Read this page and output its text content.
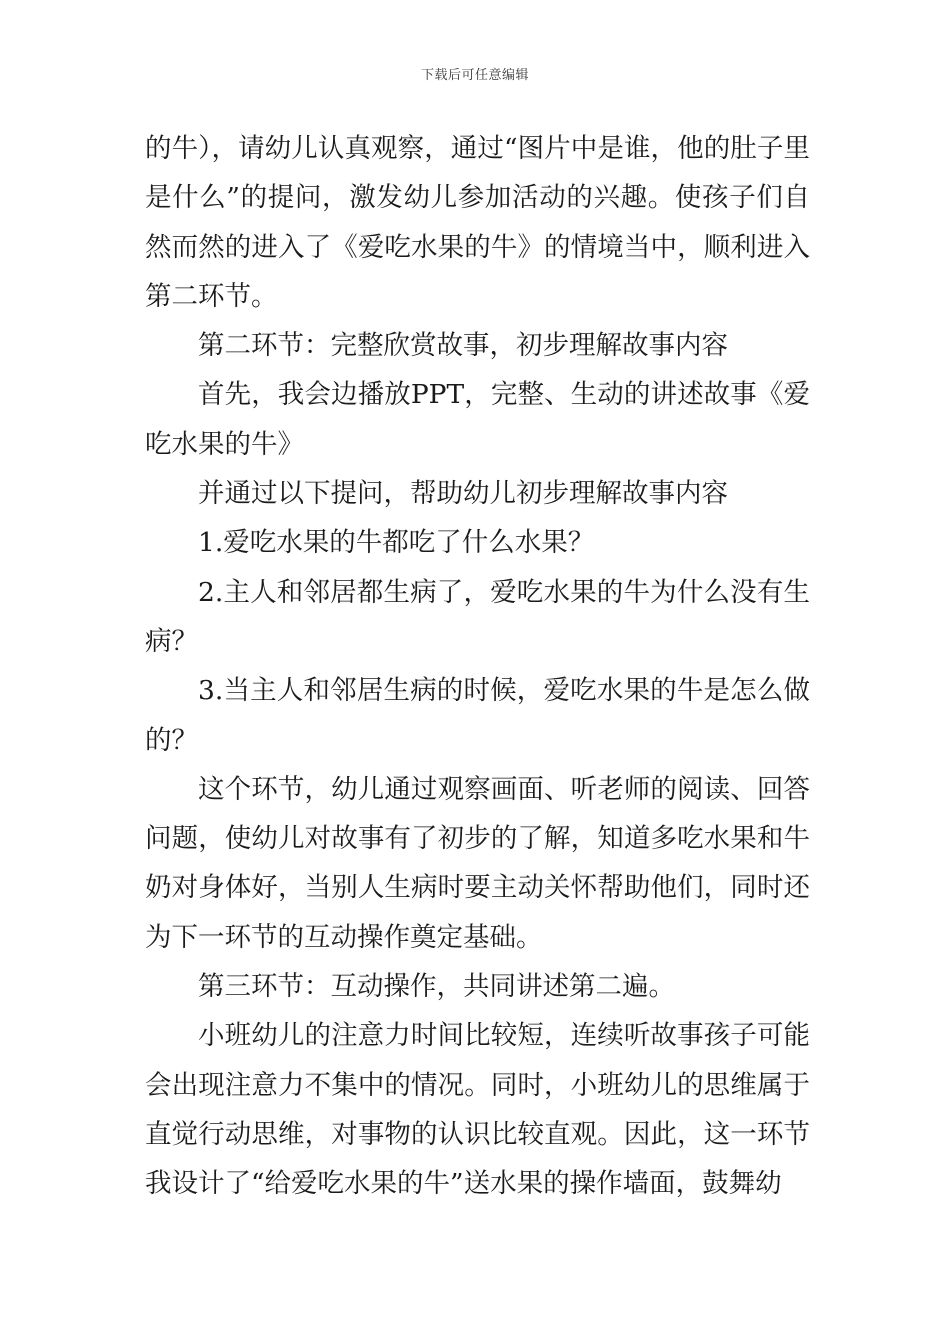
下载后可任意编辑

的牛），请幼儿认真观察，通过“图片中是谁，他的肚子里是什么”的提问，激发幼儿参加活动的兴趣。使孩子们自然而然的进入了《爱吃水果的牛》的情境当中，顺利进入第二环节。

第二环节：完整欣赏故事，初步理解故事内容

首先，我会边播放PPT，完整、生动的讲述故事《爱吃水果的牛》

并通过以下提问，帮助幼儿初步理解故事内容

1.爱吃水果的牛都吃了什么水果？

2.主人和邻居都生病了，爱吃水果的牛为什么没有生病？

3.当主人和邻居生病的时候，爱吃水果的牛是怎么做的？

这个环节，幼儿通过观察画面、听老师的阅读、回答问题，使幼儿对故事有了初步的了解，知道多吃水果和牛奶对身体好，当别人生病时要主动关怀帮助他们，同时还为下一环节的互动操作奠定基础。

第三环节：互动操作，共同讲述第二遍。

小班幼儿的注意力时间比较短，连续听故事孩子可能会出现注意力不集中的情况。同时，小班幼儿的思维属于直觉行动思维，对事物的认识比较直观。因此，这一环节我设计了“给爱吃水果的牛”送水果的操作墙面，鼓舞幼
